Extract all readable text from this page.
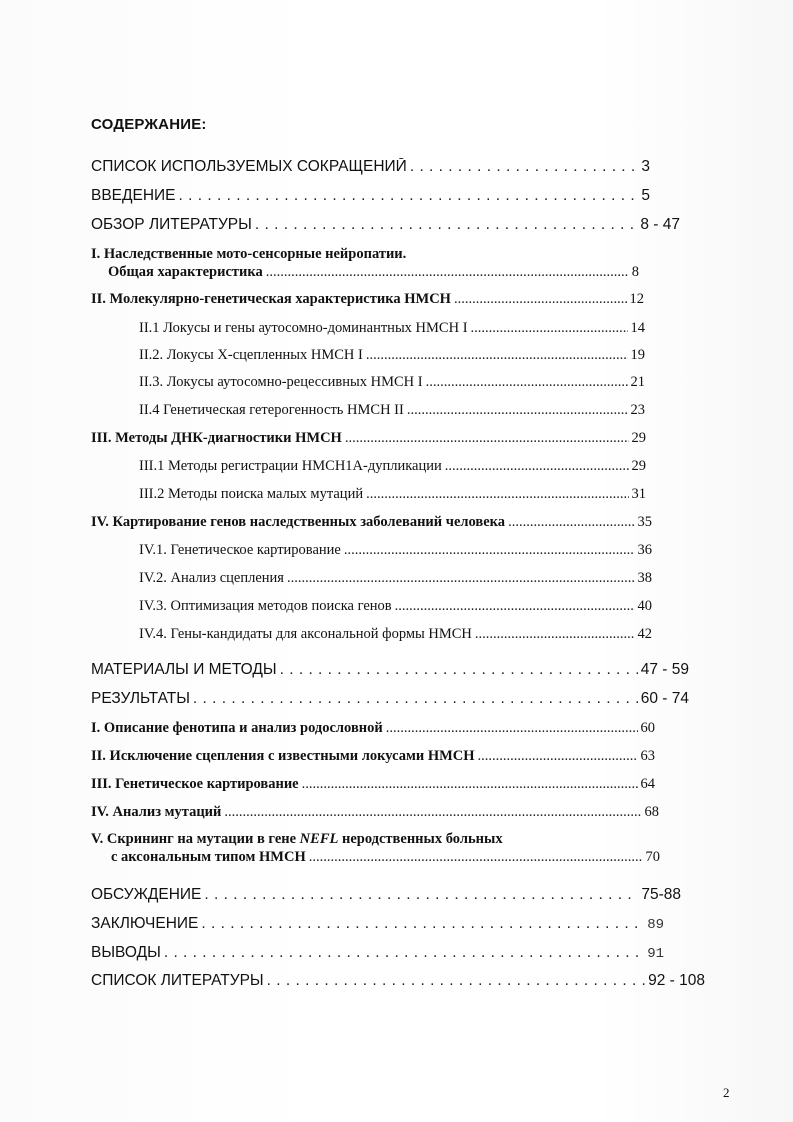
СОДЕРЖАНИЕ:
СПИСОК ИСПОЛЬЗУЕМЫХ СОКРАЩЕНИЙ . . .	3
ВВЕДЕНИЕ . . .	5
ОБЗОР ЛИТЕРАТУРЫ . . .	8 - 47
I. Наследственные мото-сенсорные нейропатии.
Общая характеристика .....	8
II. Молекулярно-генетическая характеристика НМСН .....	12
II.1 Локусы и гены аутосомно-доминантных НМСН I .....	14
II.2. Локусы Х-сцепленных НМСН I .....	19
II.3. Локусы аутосомно-рецессивных НМСН I .....	21
II.4 Генетическая гетерогенность НМСН II .....	23
III. Методы ДНК-диагностики НМСН .....	29
III.1 Методы регистрации НМСН1А-дупликации .....	29
III.2 Методы поиска малых мутаций .....	31
IV. Картирование генов наследственных заболеваний человека .....	35
IV.1. Генетическое картирование .....	36
IV.2. Анализ сцепления .....	38
IV.3. Оптимизация методов поиска генов .....	40
IV.4. Гены-кандидаты для аксональной формы НМСН .....	42
МАТЕРИАЛЫ И МЕТОДЫ . . .	47 - 59
РЕЗУЛЬТАТЫ . . .	60 - 74
I. Описание фенотипа и анализ родословной .....	60
II. Исключение сцепления с известными локусами НМСН .....	63
III. Генетическое картирование .....	64
IV. Анализ мутаций .....	68
V. Скрининг на мутации в гене NEFL неродственных больных
с аксональным типом НМСН .....	70
ОБСУЖДЕНИЕ . . .	75-88
ЗАКЛЮЧЕНИЕ . . .	89
ВЫВОДЫ . . .	91
СПИСОК ЛИТЕРАТУРЫ . . .	92 - 108
2
